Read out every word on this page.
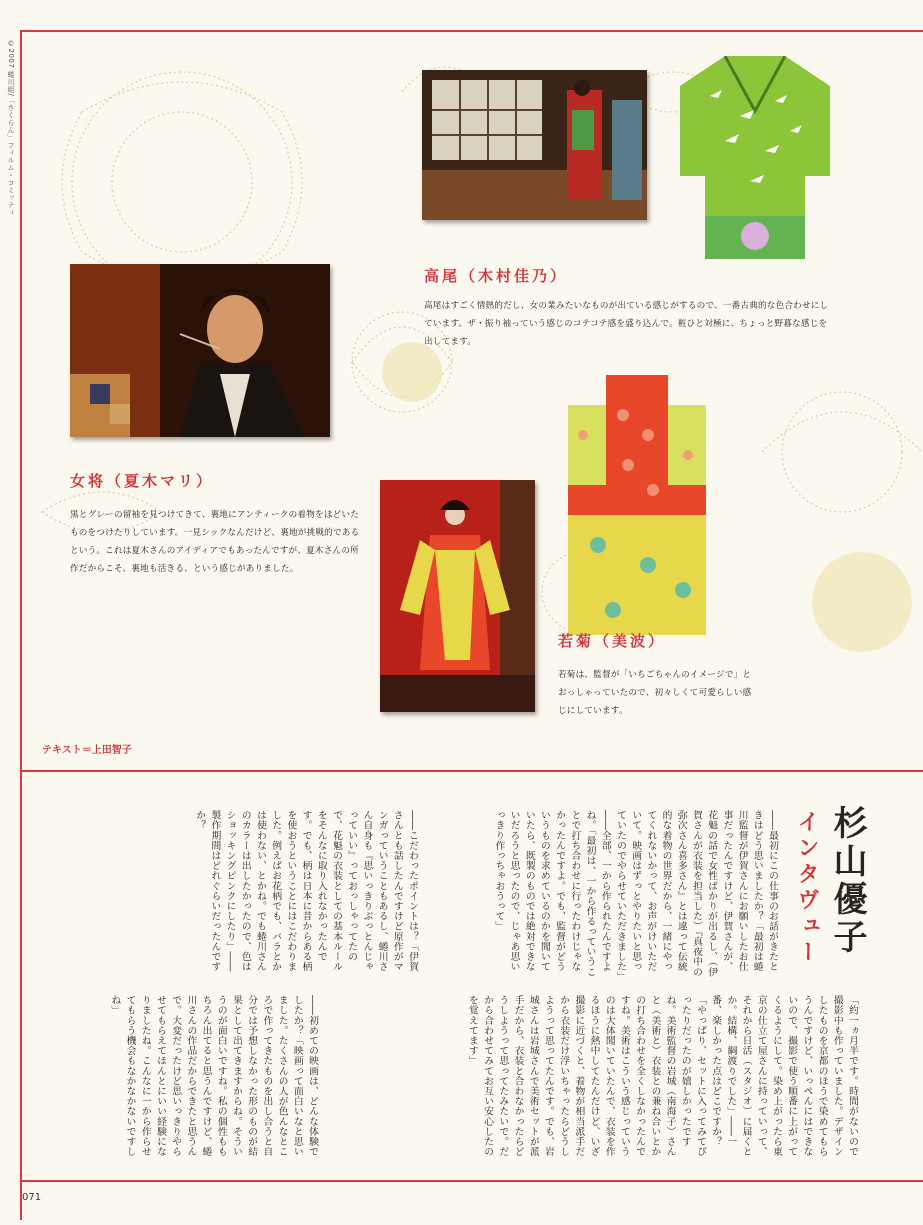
©2007 蜷川組/「さくらん」フィルム・コミッティ
高尾（木村佳乃）
高尾はすごく情熱的だし、女の業みたいなものが出ている感じがするので、一番古典的な色合わせにしています。ザ・振り袖っていう感じのコテコテ感を盛り込んで。粧ひと対極に、ちょっと野暮な感じを出してます。
女将（夏木マリ）
黒とグレーの留袖を見つけてきて、裏地にアンティークの着物をほどいたものをつけたりしています。一見シックなんだけど、裏地が挑戦的であるという。これは夏木さんのアイディアでもあったんですが、夏木さんの所作だからこそ、裏地も活きる、という感じがありました。
若菊（美波）
若菊は、監督が「いちごちゃんのイメージで」とおっしゃっていたので、初々しくて可愛らしい感じにしています。
テキスト＝上田智子
杉山優子
インタヴュー
――最初にこの仕事のお話がきたときはどう思いましたか？「最初は蜷川監督が伊賀さんにお願いしたお仕事だったんですけど、伊賀さんが、花魁の話で女性ばかりが出るし、（伊賀さんが衣装を担当した）『真夜中の弥次さん喜多さん』とは違って伝統的な着物の世界だから、一緒にやってくれないかって、お声がけいただいて。映画はずっとやりたいと思っていたのでやらせていただきました」――全部、一から作られたんですよね。「最初は、一から作るっていうことで打ち合わせに行ったわけじゃなかったんですよ。でも、監督がどういうものを求めているのかを聞いていたら、既製のものでは絶対できないだろうと思ったので、じゃあ思いっきり作っちゃおうって」
――こだわったポイントは？「伊賀さんとも話したんですけど原作がマンガっていうこともあるし、蜷川さん自身も『思いっきりぶっとんじゃっていい』っておっしゃってたので、花魁の衣装としての基本ルールをそんなに取り入れなかったんです。でも、柄は日本に昔からある柄を使おうということにはこだわりました。例えばお花柄でも、バラとかは使わない、とかね。でも蜷川さんのカラーは出したかったので、色はショッキングピンクにしたり」――製作期間はどれぐらいだったんですか？
「約一ヵ月半です。時間がないので撮影中も作っていました。デザインしたものを京都のほうで染めてもらうんですけど、いっぺんにはできないので、撮影で使う順番に上がってくるようにして。染め上がったら東京の仕立て屋さんに持っていって、それから日活（スタジオ）に届くとか。結構、綱渡りでした」――一番、楽しかった点はどこですか？「やっぱり、セットに入ってみてぴったりだったのが嬉しかったですね。美術監督の岩城（南海子）さんと（美術と）衣装との兼ね合いとかの打ち合わせを全くしなかったんですね。美術はこういう感じっていうのは大体聞いていたんで、衣装を作るほうに熱中してたんだけど、いざ撮影に近づくと、着物が相当派手だから衣装だけ浮いちゃったらどうしようって思ってたんです。でも、岩城さんは岩城さんで美術セットが派手だから、衣装と合わなかったらどうしようって思ってたみたいで。だから合わせてみてお互い安心したのを覚えてます」
――初めての映画は、どんな体験でしたか？「映画って面白いなと思いました。たくさんの人が色んなところで作ってきたものを出し合うと自分では予想しなかった形のものが結果として出てきますからね。そういうのが面白いですね。私の個性ももちろん出てると思うんですけど、蜷川さんの作品だからできたと思うんで。大変だったけど思いっきりやらせてもらえてほんとにいい経験になりましたね。こんなに一から作らせてもらう機会もなかなかないですしね」
071
